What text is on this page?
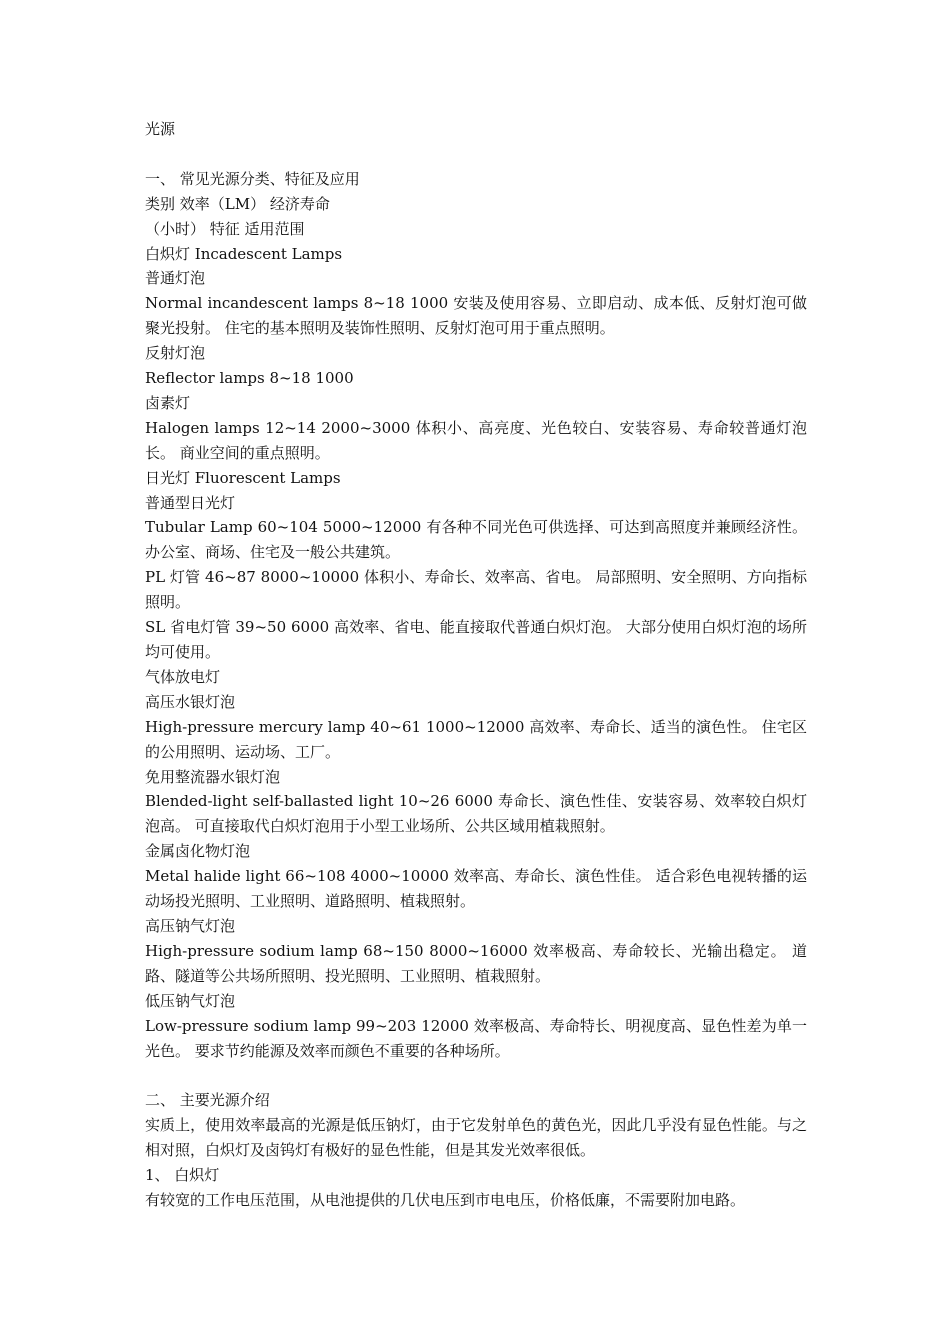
光源
一、 常见光源分类、特征及应用
类别 效率（LM） 经济寿命
（小时） 特征 适用范围
白炽灯 Incadescent Lamps
普通灯泡
Normal incandescent lamps 8~18 1000 安装及使用容易、立即启动、成本低、反射灯泡可做聚光投射。 住宅的基本照明及装饰性照明、反射灯泡可用于重点照明。
反射灯泡
Reflector lamps 8~18 1000
卤素灯
Halogen lamps 12~14 2000~3000 体积小、高亮度、光色较白、安装容易、寿命较普通灯泡长。 商业空间的重点照明。
日光灯 Fluorescent Lamps
普通型日光灯
Tubular Lamp 60~104 5000~12000 有各种不同光色可供选择、可达到高照度并兼顾经济性。 办公室、商场、住宅及一般公共建筑。
PL 灯管 46~87 8000~10000 体积小、寿命长、效率高、省电。 局部照明、安全照明、方向指标照明。
SL 省电灯管 39~50 6000 高效率、省电、能直接取代普通白炽灯泡。 大部分使用白炽灯泡的场所均可使用。
气体放电灯
高压水银灯泡
High-pressure mercury lamp 40~61 1000~12000 高效率、寿命长、适当的演色性。 住宅区的公用照明、运动场、工厂。
免用整流器水银灯泡
Blended-light self-ballasted light 10~26 6000 寿命长、演色性佳、安装容易、效率较白炽灯泡高。 可直接取代白炽灯泡用于小型工业场所、公共区域用植栽照射。
金属卤化物灯泡
Metal halide light 66~108 4000~10000 效率高、寿命长、演色性佳。 适合彩色电视转播的运动场投光照明、工业照明、道路照明、植栽照射。
高压钠气灯泡
High-pressure sodium lamp 68~150 8000~16000 效率极高、寿命较长、光输出稳定。 道路、隧道等公共场所照明、投光照明、工业照明、植栽照射。
低压钠气灯泡
Low-pressure sodium lamp 99~203 12000 效率极高、寿命特长、明视度高、显色性差为单一光色。 要求节约能源及效率而颜色不重要的各种场所。
二、 主要光源介绍
实质上，使用效率最高的光源是低压钠灯，由于它发射单色的黄色光，因此几乎没有显色性能。与之相对照，白炽灯及卤钨灯有极好的显色性能，但是其发光效率很低。
1、 白炽灯
有较宽的工作电压范围，从电池提供的几伏电压到市电电压，价格低廉，不需要附加电路。
